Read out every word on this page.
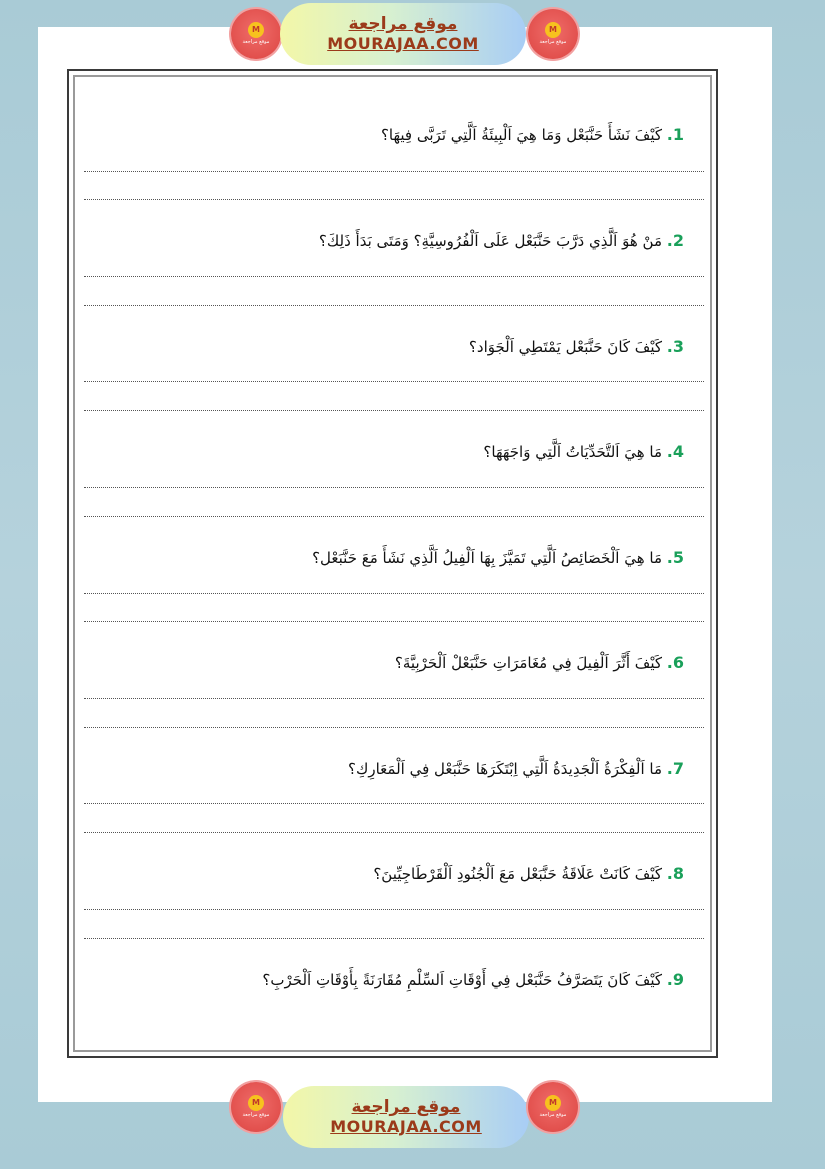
M
موقع مراجعة
موقع مراجعة
MOURAJAA.COM
M
موقع مراجعة
1. كَيْفَ نَشَأَ حَنَّبَعْل وَمَا هِيَ اَلْبِيئَةُ اَلَّتِي تَرَبَّى فِيهَا؟
2. مَنْ هُوَ اَلَّذِي دَرَّبَ حَنَّبَعْل عَلَى اَلْفُرُوسِيَّةِ؟ وَمَتَى بَدَأَ ذَلِكَ؟
3. كَيْفَ كَانَ حَنَّبَعْل يَمْتَطِي اَلْجَوَاد؟
4. مَا هِيَ اَلتَّحَدِّيَاتُ اَلَّتِي وَاجَهَهَا؟
5. مَا هِيَ اَلْخَصَائِصُ اَلَّتِي تَمَيَّزَ بِهَا اَلْفِيلُ اَلَّذِي نَشَأَ مَعَ حَنَّبَعْل؟
6. كَيْفَ أَثَّرَ اَلْفِيلَ فِي مُغَامَرَاتِ حَنَّبَعْلْ اَلْحَرْبِيَّةَ؟
7. مَا اَلْفِكْرَةُ اَلْجَدِيدَةُ اَلَّتِي اِبْتَكَرَهَا حَنَّبَعْل فِي اَلْمَعَارِكِ؟
8. كَيْفَ كَانَتْ عَلَاقَةُ حَنَّبَعْل مَعَ اَلْجُنُودِ اَلْقَرْطَاجِيِّينَ؟
9. كَيْفَ كَانَ يَتَصَرَّفُ حَنَّبَعْل فِي أَوْقَاتِ اَلسِّلْمِ مُقَارَنَةً بِأَوْقَاتِ اَلْحَرْبِ؟
M
موقع مراجعة	موقع مراجعة
MOURAJAA.COM
M
موقع مراجعة
